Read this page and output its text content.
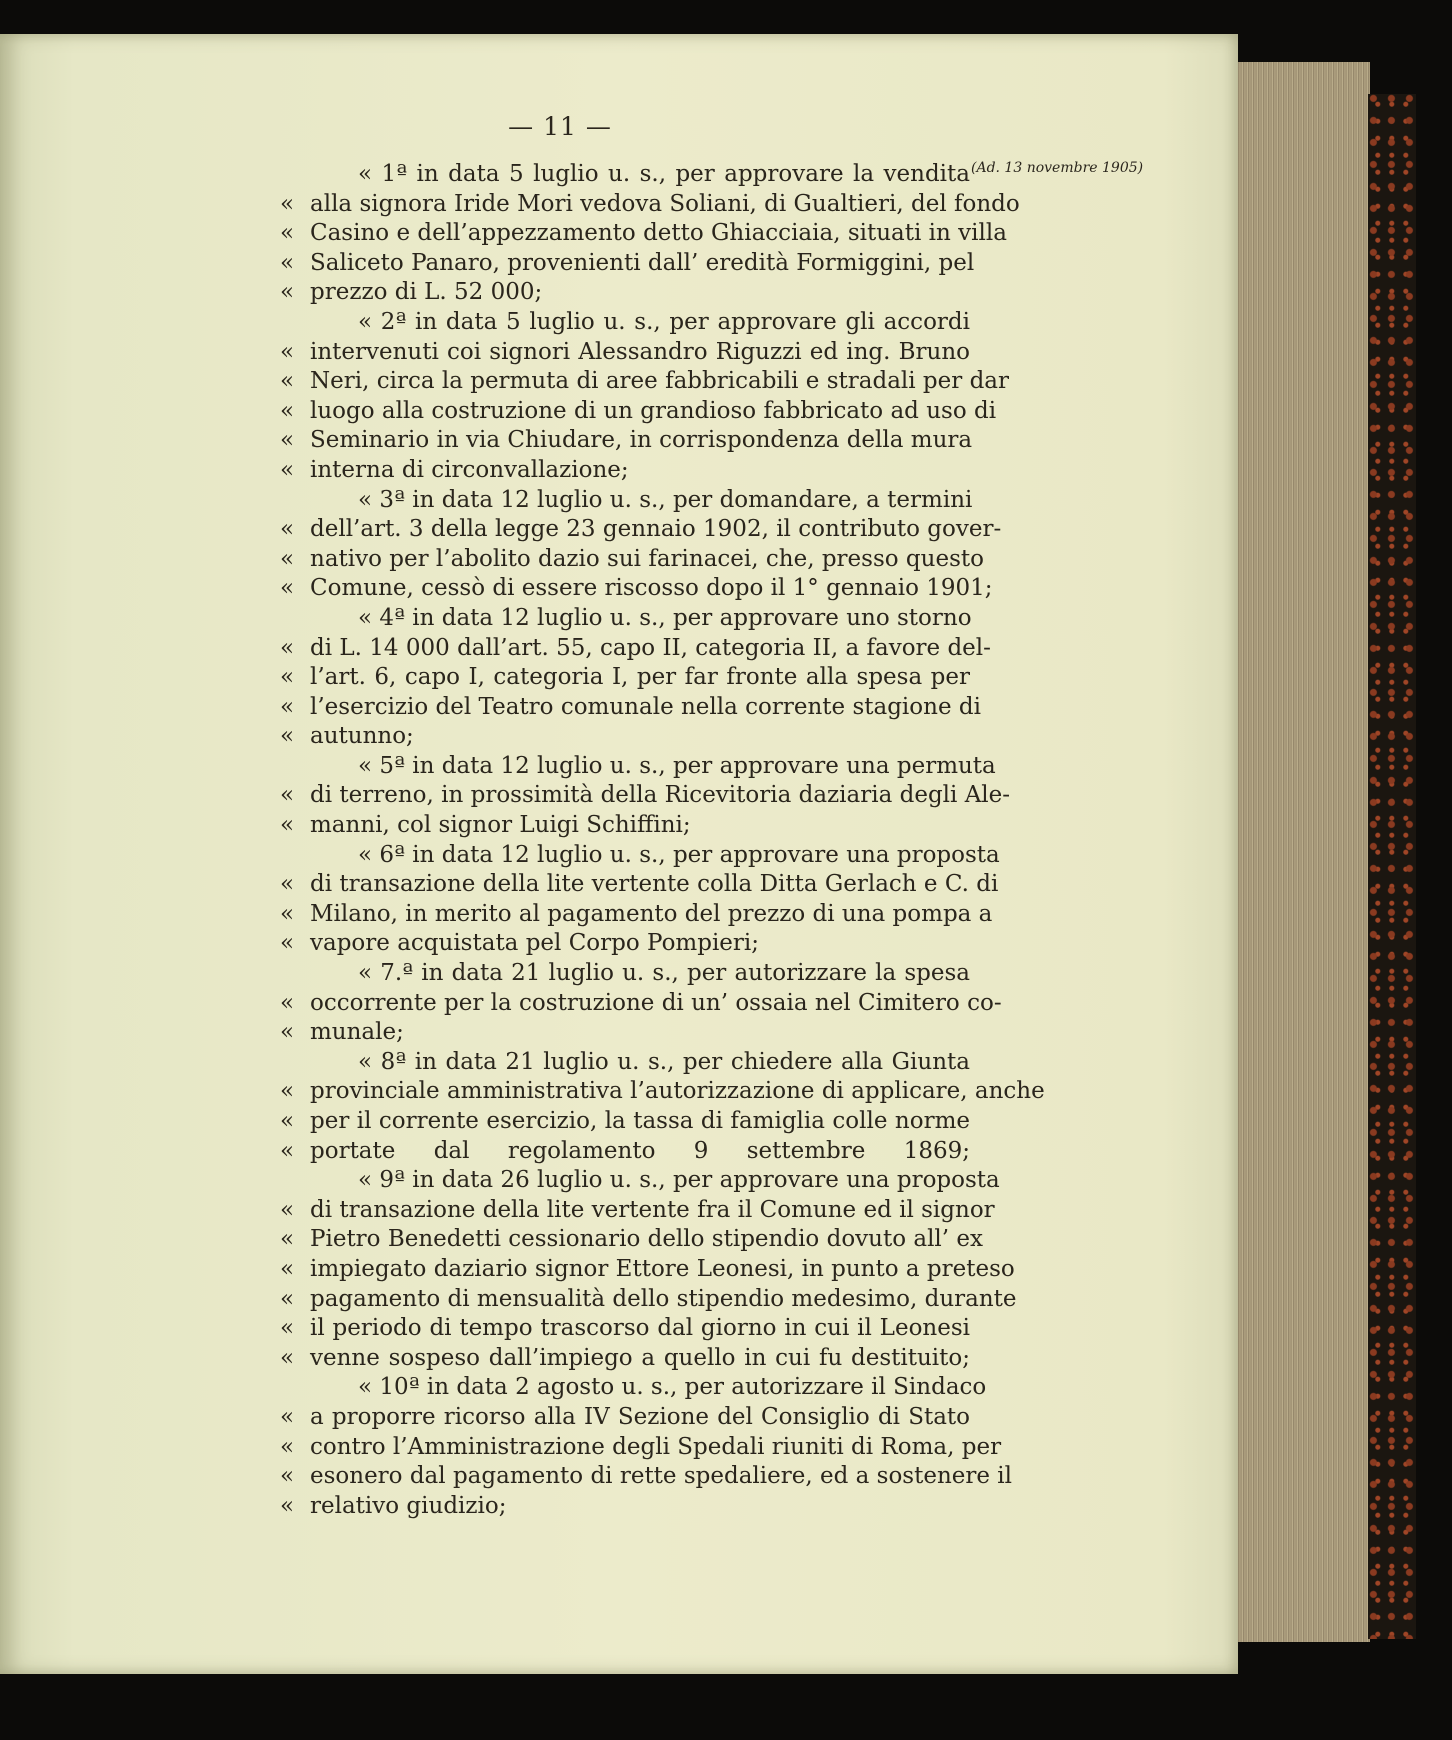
— 11 —
(Ad. 13 novembre 1905)
« 1ª in data 5 luglio u. s., per approvare la vendita
« alla signora Iride Mori vedova Soliani, di Gualtieri, del fondo
« Casino e dell’appezzamento detto Ghiacciaia, situati in villa
« Saliceto Panaro, provenienti dall’ eredità Formiggini, pel
« prezzo di L. 52 000;
« 2ª in data 5 luglio u. s., per approvare gli accordi
« intervenuti coi signori Alessandro Riguzzi ed ing. Bruno
« Neri, circa la permuta di aree fabbricabili e stradali per dar
« luogo alla costruzione di un grandioso fabbricato ad uso di
« Seminario in via Chiudare, in corrispondenza della mura
« interna di circonvallazione;
« 3ª in data 12 luglio u. s., per domandare, a termini
« dell’art. 3 della legge 23 gennaio 1902, il contributo gover-
« nativo per l’abolito dazio sui farinacei, che, presso questo
« Comune, cessò di essere riscosso dopo il 1° gennaio 1901;
« 4ª in data 12 luglio u. s., per approvare uno storno
« di L. 14 000 dall’art. 55, capo II, categoria II, a favore del-
« l’art. 6, capo I, categoria I, per far fronte alla spesa per
« l’esercizio del Teatro comunale nella corrente stagione di
« autunno;
« 5ª in data 12 luglio u. s., per approvare una permuta
« di terreno, in prossimità della Ricevitoria daziaria degli Ale-
« manni, col signor Luigi Schiffini;
« 6ª in data 12 luglio u. s., per approvare una proposta
« di transazione della lite vertente colla Ditta Gerlach e C. di
« Milano, in merito al pagamento del prezzo di una pompa a
« vapore acquistata pel Corpo Pompieri;
« 7.ª in data 21 luglio u. s., per autorizzare la spesa
« occorrente per la costruzione di un’ ossaia nel Cimitero co-
« munale;
« 8ª in data 21 luglio u. s., per chiedere alla Giunta
« provinciale amministrativa l’autorizzazione di applicare, anche
« per il corrente esercizio, la tassa di famiglia colle norme
« portate dal regolamento 9 settembre 1869;
« 9ª in data 26 luglio u. s., per approvare una proposta
« di transazione della lite vertente fra il Comune ed il signor
« Pietro Benedetti cessionario dello stipendio dovuto all’ ex
« impiegato daziario signor Ettore Leonesi, in punto a preteso
« pagamento di mensualità dello stipendio medesimo, durante
« il periodo di tempo trascorso dal giorno in cui il Leonesi
« venne sospeso dall’impiego a quello in cui fu destituito;
« 10ª in data 2 agosto u. s., per autorizzare il Sindaco
« a proporre ricorso alla IV Sezione del Consiglio di Stato
« contro l’Amministrazione degli Spedali riuniti di Roma, per
« esonero dal pagamento di rette spedaliere, ed a sostenere il
« relativo giudizio;
